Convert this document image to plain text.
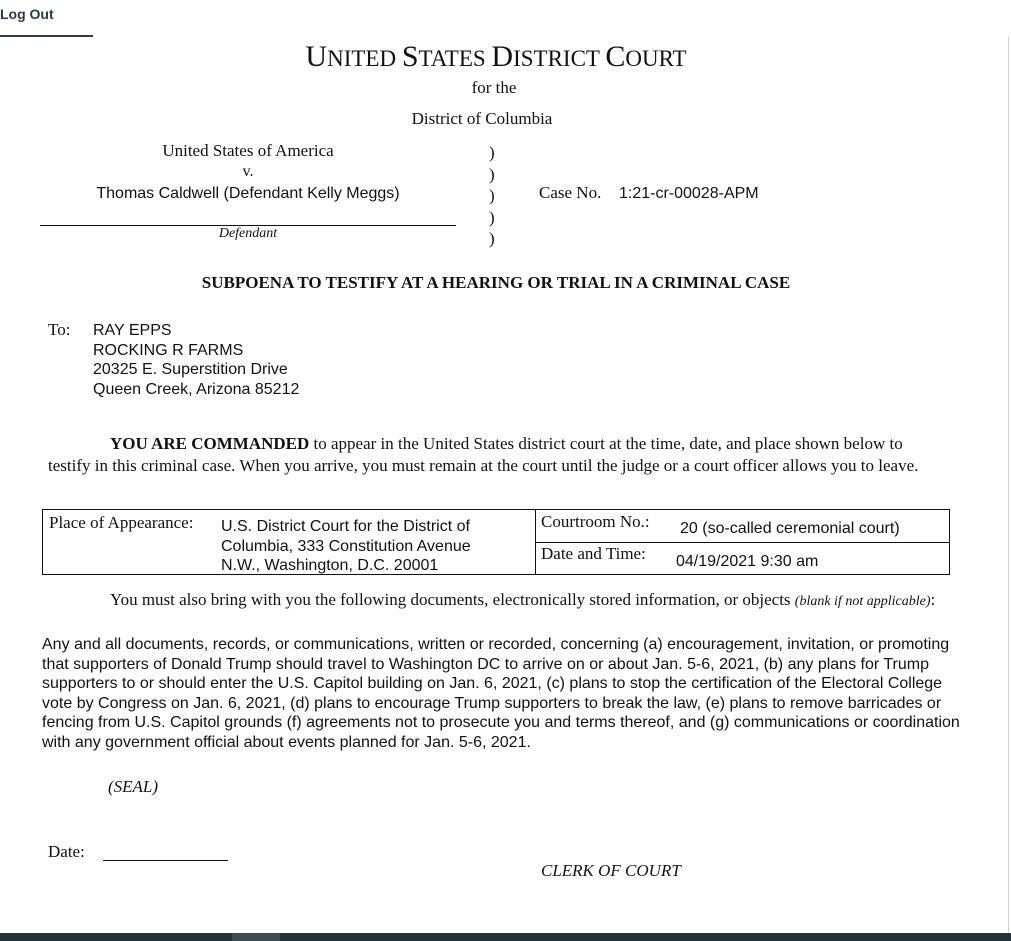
Log Out
UNITED STATES DISTRICT COURT
for the
District of Columbia
United States of America
v.
Thomas Caldwell (Defendant Kelly Meggs)
Defendant
)
)
)
)
)
Case No. 1:21-cr-00028-APM
SUBPOENA TO TESTIFY AT A HEARING OR TRIAL IN A CRIMINAL CASE
To: RAY EPPS
ROCKING R FARMS
20325 E. Superstition Drive
Queen Creek, Arizona 85212
YOU ARE COMMANDED to appear in the United States district court at the time, date, and place shown below to testify in this criminal case. When you arrive, you must remain at the court until the judge or a court officer allows you to leave.
Place of Appearance: U.S. District Court for the District of
Columbia, 333 Constitution Avenue
N.W., Washington, D.C. 20001
Courtroom No.: 20 (so-called ceremonial court)
Date and Time: 04/19/2021 9:30 am
You must also bring with you the following documents, electronically stored information, or objects (blank if not applicable):
Any and all documents, records, or communications, written or recorded, concerning (a) encouragement, invitation, or promoting that supporters of Donald Trump should travel to Washington DC to arrive on or about Jan. 5-6, 2021, (b) any plans for Trump supporters to or should enter the U.S. Capitol building on Jan. 6, 2021, (c) plans to stop the certification of the Electoral College vote by Congress on Jan. 6, 2021, (d) plans to encourage Trump supporters to break the law, (e) plans to remove barricades or fencing from U.S. Capitol grounds (f) agreements not to prosecute you and terms thereof, and (g) communications or coordination with any government official about events planned for Jan. 5-6, 2021.
(SEAL)
Date:
CLERK OF COURT
